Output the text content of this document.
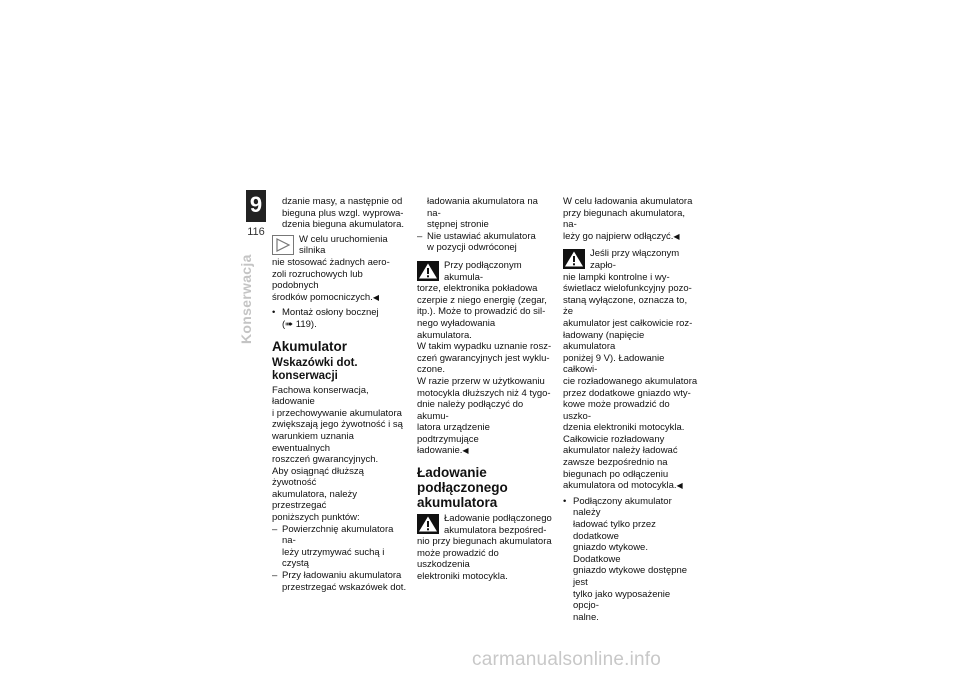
9
116
Konserwacja
dzanie masy, a następnie od
bieguna plus wzgl. wyprowa-
dzenia bieguna akumulatora.
W celu uruchomienia silnika
nie stosować żadnych aero-
zoli rozruchowych lub podobnych
środków pomocniczych.◀
• Montaż osłony bocznej
(➠ 119).
Akumulator
Wskazówki dot.
konserwacji
Fachowa konserwacja, ładowanie
i przechowywanie akumulatora
zwiększają jego żywotność i są
warunkiem uznania ewentualnych
roszczeń gwarancyjnych.
Aby osiągnąć dłuższą żywotność
akumulatora, należy przestrzegać
poniższych punktów:
– Powierzchnię akumulatora na-
leży utrzymywać suchą i czystą
– Przy ładowaniu akumulatora
przestrzegać wskazówek dot.
ładowania akumulatora na na-
stępnej stronie
– Nie ustawiać akumulatora
w pozycji odwróconej
Przy podłączonym akumula-
torze, elektronika pokładowa
czerpie z niego energię (zegar,
itp.). Może to prowadzić do sil-
nego wyładowania akumulatora.
W takim wypadku uznanie rosz-
czeń gwarancyjnych jest wyklu-
czone.
W razie przerw w użytkowaniu
motocykla dłuższych niż 4 tygo-
dnie należy podłączyć do akumu-
latora urządzenie podtrzymujące
ładowanie.◀
Ładowanie podłączonego
akumulatora
Ładowanie podłączonego
akumulatora bezpośred-
nio przy biegunach akumulatora
może prowadzić do uszkodzenia
elektroniki motocykla.
W celu ładowania akumulatora
przy biegunach akumulatora, na-
leży go najpierw odłączyć.◀
Jeśli przy włączonym zapło-
nie lampki kontrolne i wy-
świetlacz wielofunkcyjny pozo-
staną wyłączone, oznacza to, że
akumulator jest całkowicie roz-
ładowany (napięcie akumulatora
poniżej 9 V). Ładowanie całkowi-
cie rozładowanego akumulatora
przez dodatkowe gniazdo wty-
kowe może prowadzić do uszko-
dzenia elektroniki motocykla.
Całkowicie rozładowany
akumulator należy ładować
zawsze bezpośrednio na
biegunach po odłączeniu
akumulatora od motocykla.◀
• Podłączony akumulator należy
ładować tylko przez dodatkowe
gniazdo wtykowe. Dodatkowe
gniazdo wtykowe dostępne jest
tylko jako wyposażenie opcjo-
nalne.
carmanualsonline.info
